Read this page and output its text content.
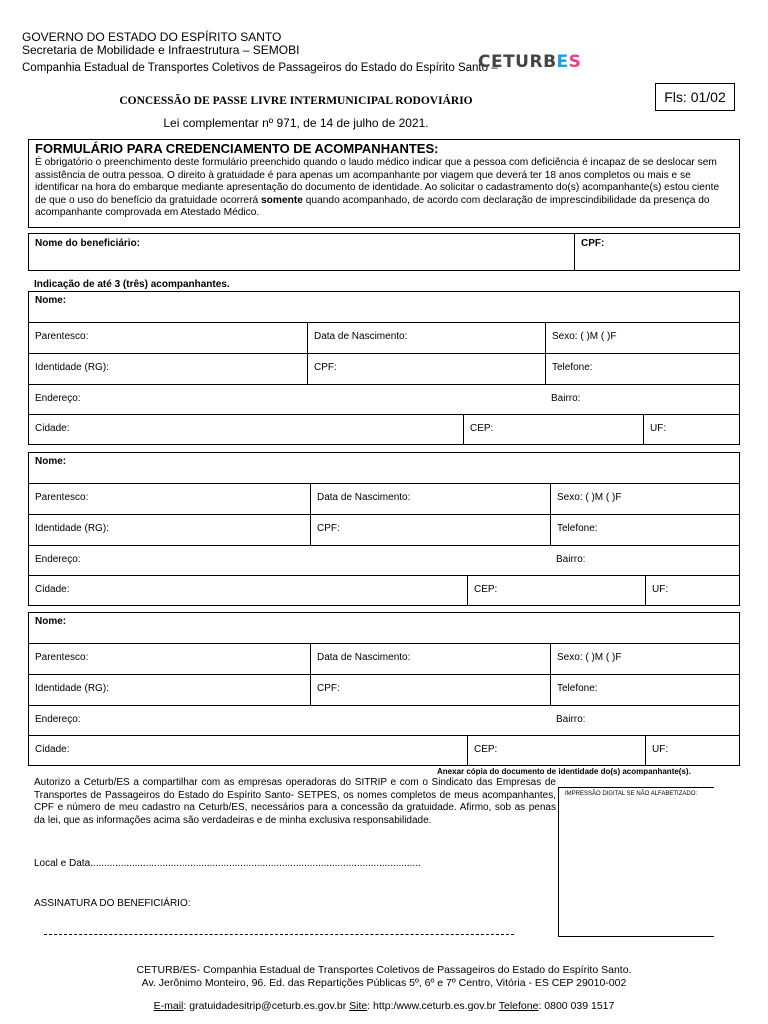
GOVERNO DO ESTADO DO ESPÍRITO SANTO
Secretaria de Mobilidade e Infraestrutura – SEMOBI
Companhia Estadual de Transportes Coletivos de Passageiros do Estado do Espírito Santo –
CETURBES
Fls: 01/02
CONCESSÃO DE PASSE LIVRE INTERMUNICIPAL RODOVIÁRIO
Lei complementar nº 971, de 14 de julho de 2021.
FORMULÁRIO PARA CREDENCIAMENTO DE ACOMPANHANTES:
É obrigatório o preenchimento deste formulário preenchido quando o laudo médico indicar que a pessoa com deficiência é incapaz de se deslocar sem assistência de outra pessoa. O direito à gratuidade é para apenas um acompanhante por viagem que deverá ter 18 anos completos ou mais e se identificar na hora do embarque mediante apresentação do documento de identidade. Ao solicitar o cadastramento do(s) acompanhante(s) estou ciente de que o uso do benefício da gratuidade ocorrerá somente quando acompanhado, de acordo com declaração de imprescindibilidade da presença do acompanhante comprovada em Atestado Médico.
Nome do beneficiário:	CPF:
Indicação de até 3 (três) acompanhantes.
Nome:
Parentesco:	Data de Nascimento:	Sexo: ( )M ( )F
Identidade (RG):	CPF:	Telefone:
Endereço:	Bairro:
Cidade:	CEP:	UF:
Nome:
Parentesco:	Data de Nascimento:	Sexo: ( )M ( )F
Identidade (RG):	CPF:	Telefone:
Endereço:	Bairro:
Cidade:	CEP:	UF:
Nome:
Parentesco:	Data de Nascimento:	Sexo: ( )M ( )F
Identidade (RG):	CPF:	Telefone:
Endereço:	Bairro:
Cidade:	CEP:	UF:
Anexar cópia do documento de identidade do(s) acompanhante(s).
Autorizo a Ceturb/ES a compartilhar com as empresas operadoras do SITRIP e com o Sindicato das Empresas de Transportes de Passageiros do Estado do Espírito Santo- SETPES, os nomes completos de meus acompanhantes, CPF e número de meu cadastro na Ceturb/ES, necessários para a concessão da gratuidade. Afirmo, sob as penas da lei, que as informações acima são verdadeiras e de minha exclusiva responsabilidade.
Local e Data.......................................................................................................................
ASSINATURA DO BENEFICIÁRIO:
IMPRESSÃO DIGITAL SE NÃO ALFABETIZADO:
CETURB/ES- Companhia Estadual de Transportes Coletivos de Passageiros do Estado do Espírito Santo.
Av. Jerônimo Monteiro, 96. Ed. das Repartições Públicas 5º, 6º e 7º Centro, Vitória - ES CEP 29010-002
E-mail: gratuidadesitrip@ceturb.es.gov.br Site: http:/www.ceturb.es.gov.br Telefone: 0800 039 1517
